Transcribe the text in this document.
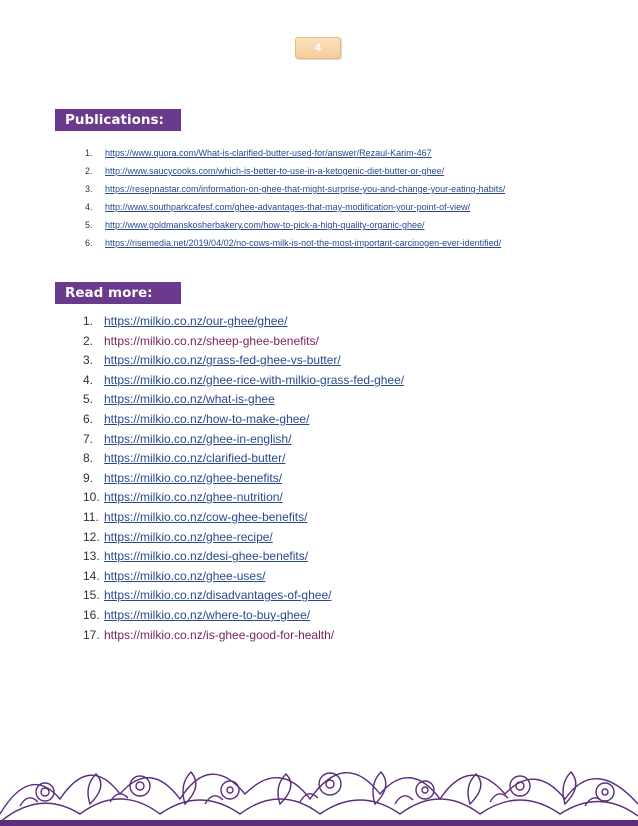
4
Publications:
1.	https://www.quora.com/What-is-clarified-butter-used-for/answer/Rezaul-Karim-467
2.	http://www.saucycooks.com/which-is-better-to-use-in-a-ketogenic-diet-butter-or-ghee/
3.	https://resepnastar.com/information-on-ghee-that-might-surprise-you-and-change-your-eating-habits/
4.	http://www.southparkcafesf.com/ghee-advantages-that-may-modification-your-point-of-view/
5.	http://www.goldmanskosherbakery.com/how-to-pick-a-high-quality-organic-ghee/
6.	https://risemedia.net/2019/04/02/no-cows-milk-is-not-the-most-important-carcinogen-ever-identified/
Read more:
1. https://milkio.co.nz/our-ghee/ghee/
2. https://milkio.co.nz/sheep-ghee-benefits/
3. https://milkio.co.nz/grass-fed-ghee-vs-butter/
4. https://milkio.co.nz/ghee-rice-with-milkio-grass-fed-ghee/
5. https://milkio.co.nz/what-is-ghee
6. https://milkio.co.nz/how-to-make-ghee/
7. https://milkio.co.nz/ghee-in-english/
8. https://milkio.co.nz/clarified-butter/
9. https://milkio.co.nz/ghee-benefits/
10. https://milkio.co.nz/ghee-nutrition/
11. https://milkio.co.nz/cow-ghee-benefits/
12. https://milkio.co.nz/ghee-recipe/
13. https://milkio.co.nz/desi-ghee-benefits/
14. https://milkio.co.nz/ghee-uses/
15. https://milkio.co.nz/disadvantages-of-ghee/
16. https://milkio.co.nz/where-to-buy-ghee/
17. https://milkio.co.nz/is-ghee-good-for-health/
